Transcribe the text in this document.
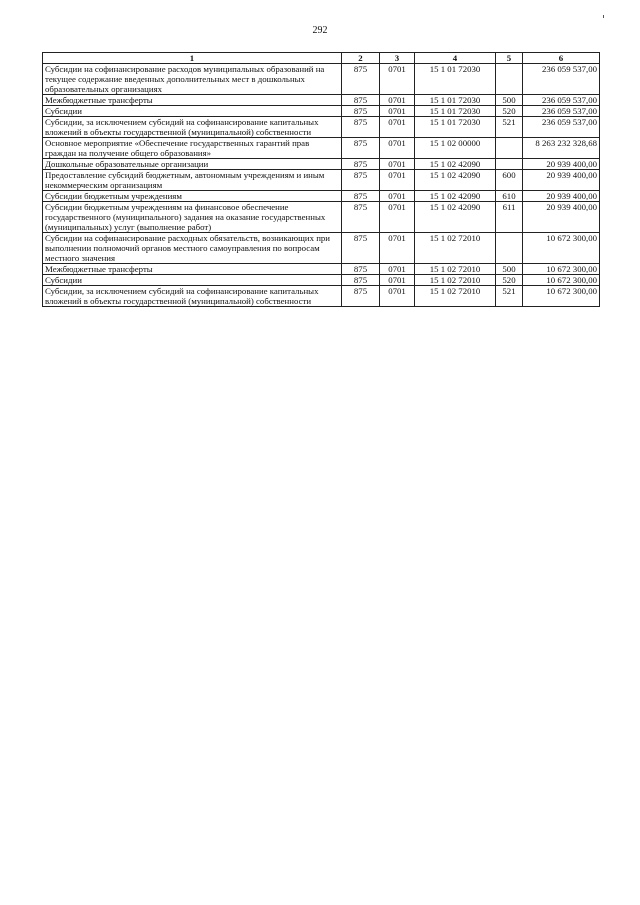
292
1	2	3	4	5	6
Субсидии на софинансирование расходов муниципальных образований на текущее содержание введенных дополнительных мест в дошкольных образовательных организациях	875	0701	15 1 01 72030		236 059 537,00
Межбюджетные трансферты	875	0701	15 1 01 72030	500	236 059 537,00
Субсидии	875	0701	15 1 01 72030	520	236 059 537,00
Субсидии, за исключением субсидий на софинансирование капитальных вложений в объекты государственной (муниципальной) собственности	875	0701	15 1 01 72030	521	236 059 537,00
Основное мероприятие «Обеспечение государственных гарантий прав граждан на получение общего образования»	875	0701	15 1 02 00000		8 263 232 328,68
Дошкольные образовательные организации	875	0701	15 1 02 42090		20 939 400,00
Предоставление субсидий бюджетным, автономным учреждениям и иным некоммерческим организациям	875	0701	15 1 02 42090	600	20 939 400,00
Субсидии бюджетным учреждениям	875	0701	15 1 02 42090	610	20 939 400,00
Субсидии бюджетным учреждениям на финансовое обеспечение государственного (муниципального) задания на оказание государственных (муниципальных) услуг (выполнение работ)	875	0701	15 1 02 42090	611	20 939 400,00
Субсидии на софинансирование расходных обязательств, возникающих при выполнении полномочий органов местного самоуправления по вопросам местного значения	875	0701	15 1 02 72010		10 672 300,00
Межбюджетные трансферты	875	0701	15 1 02 72010	500	10 672 300,00
Субсидии	875	0701	15 1 02 72010	520	10 672 300,00
Субсидии, за исключением субсидий на софинансирование капитальных вложений в объекты государственной (муниципальной) собственности	875	0701	15 1 02 72010	521	10 672 300,00
